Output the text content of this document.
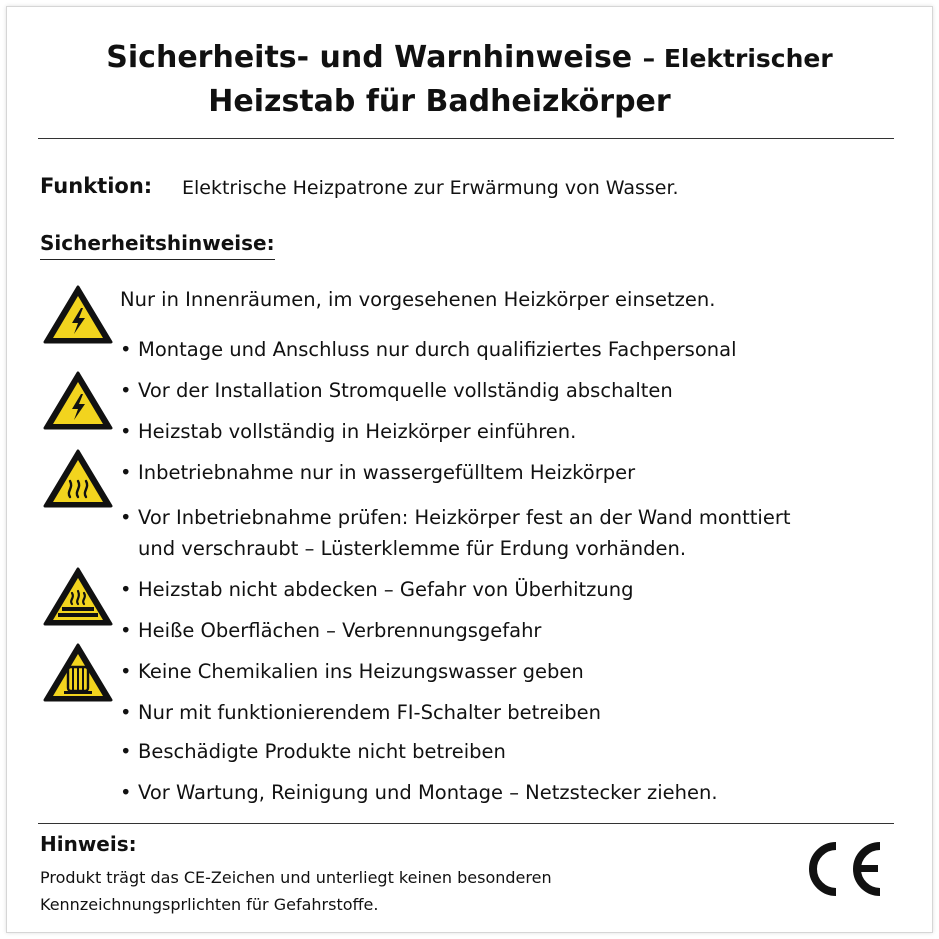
Sicherheits- und Warnhinweise – Elektrischer
Heizstab für Badheizkörper
Funktion: Elektrische Heizpatrone zur Erwärmung von Wasser.
Sicherheitshinweise:
Nur in Innenräumen, im vorgesehenen Heizkörper einsetzen.
• Montage und Anschluss nur durch qualifiziertes Fachpersonal
• Vor der Installation Stromquelle vollständig abschalten
• Heizstab vollständig in Heizkörper einführen.
• Inbetriebnahme nur in wassergefülltem Heizkörper
• Vor Inbetriebnahme prüfen: Heizkörper fest an der Wand monttiert
und verschraubt – Lüsterklemme für Erdung vorhänden.
• Heizstab nicht abdecken – Gefahr von Überhitzung
• Heiße Oberflächen – Verbrennungsgefahr
• Keine Chemikalien ins Heizungswasser geben
• Nur mit funktionierendem FI-Schalter betreiben
• Beschädigte Produkte nicht betreiben
• Vor Wartung, Reinigung und Montage – Netzstecker ziehen.
Hinweis:
Produkt trägt das CE-Zeichen und unterliegt keinen besonderen
Kennzeichnungsprlichten für Gefahrstoffe.
